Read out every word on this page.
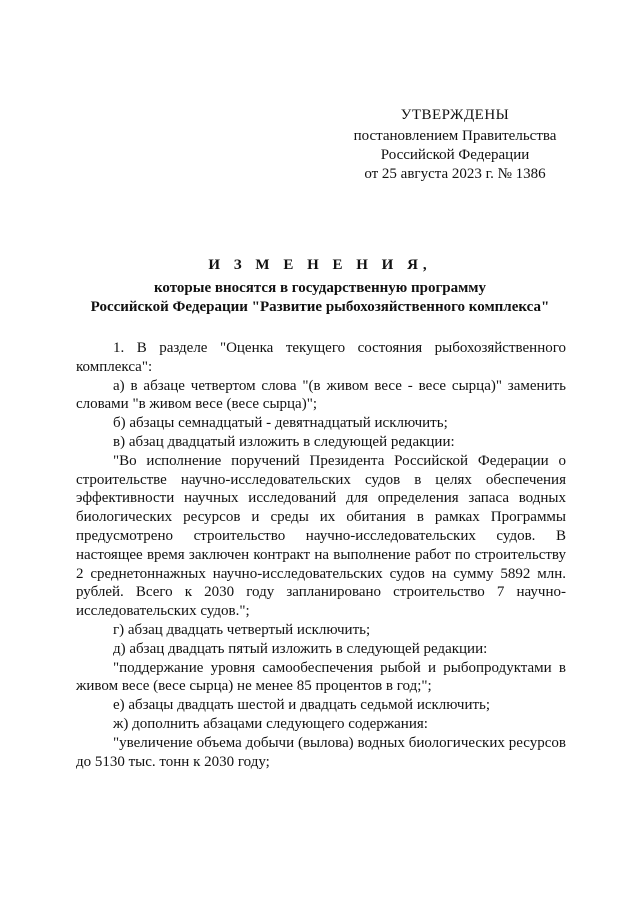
УТВЕРЖДЕНЫ
постановлением Правительства
Российской Федерации
от 25 августа 2023 г. № 1386
И З М Е Н Е Н И Я,
которые вносятся в государственную программу
Российской Федерации "Развитие рыбохозяйственного комплекса"

1. В разделе "Оценка текущего состояния рыбохозяйственного комплекса":

а) в абзаце четвертом слова "(в живом весе - весе сырца)" заменить словами "в живом весе (весе сырца)";

б) абзацы семнадцатый - девятнадцатый исключить;

в) абзац двадцатый изложить в следующей редакции:

"Во исполнение поручений Президента Российской Федерации о строительстве научно-исследовательских судов в целях обеспечения эффективности научных исследований для определения запаса водных биологических ресурсов и среды их обитания в рамках Программы предусмотрено строительство научно-исследовательских судов. В настоящее время заключен контракт на выполнение работ по строительству 2 среднетоннажных научно-исследовательских судов на сумму 5892 млн. рублей. Всего к 2030 году запланировано строительство 7 научно-исследовательских судов.";

г) абзац двадцать четвертый исключить;

д) абзац двадцать пятый изложить в следующей редакции:

"поддержание уровня самообеспечения рыбой и рыбопродуктами в живом весе (весе сырца) не менее 85 процентов в год;";

е) абзацы двадцать шестой и двадцать седьмой исключить;

ж) дополнить абзацами следующего содержания:

"увеличение объема добычи (вылова) водных биологических ресурсов до 5130 тыс. тонн к 2030 году;
